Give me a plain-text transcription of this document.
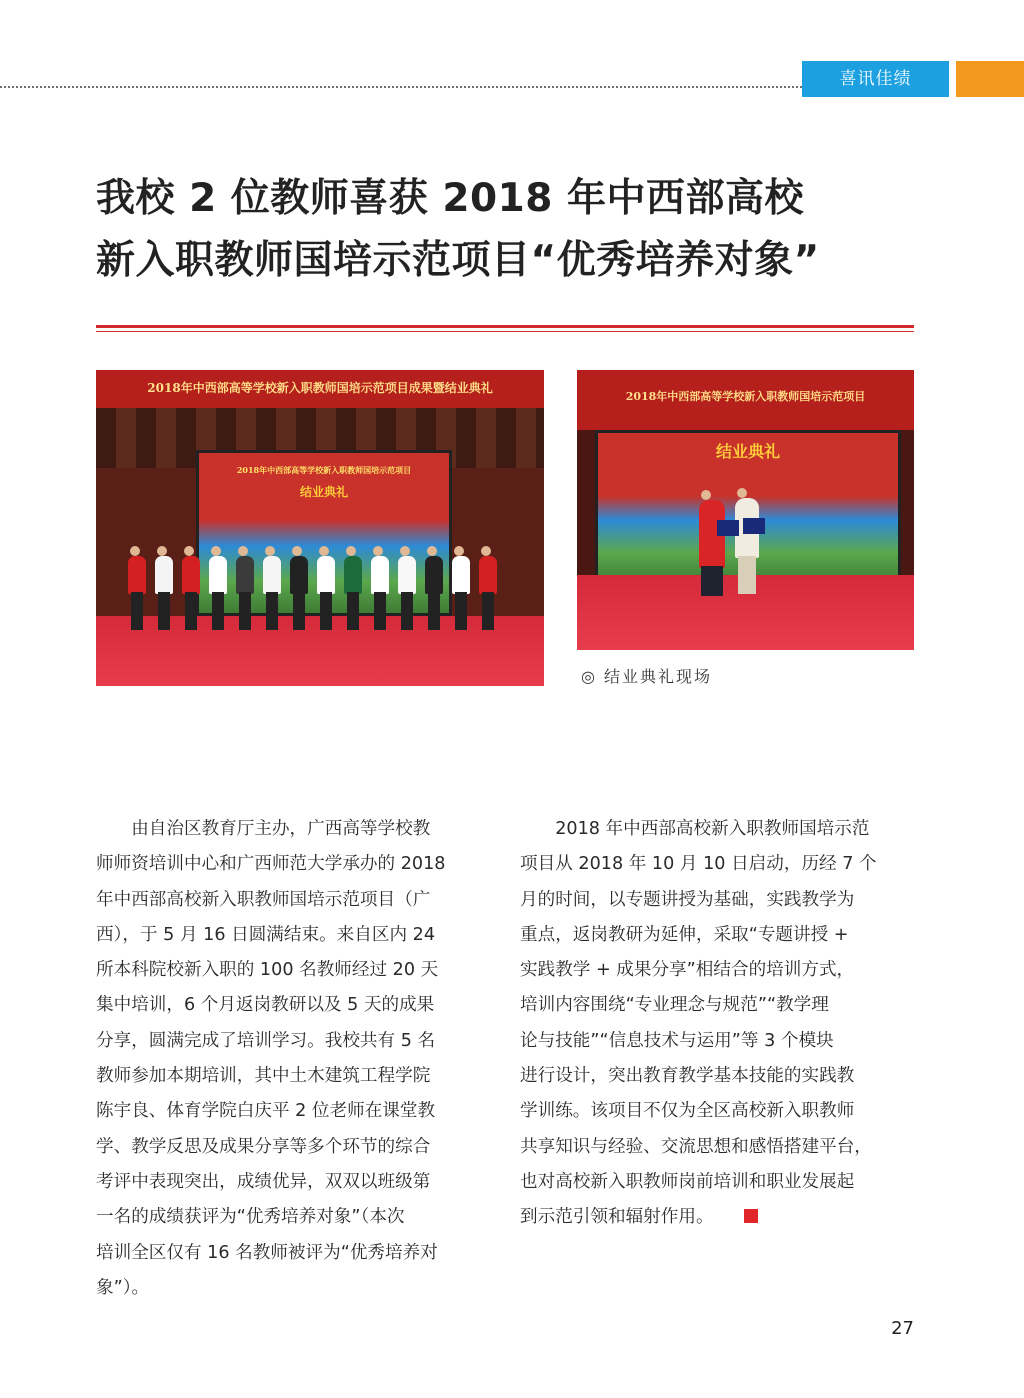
喜讯佳绩
我校 2 位教师喜获 2018 年中西部高校
新入职教师国培示范项目“优秀培养对象”
2018年中西部高等学校新入职教师国培示范项目成果暨结业典礼
2018年中西部高等学校新入职教师国培示范项目
结业典礼
2018年中西部高等学校新入职教师国培示范项目
结业典礼
◎ 结业典礼现场
　　由自治区教育厅主办，广西高等学校教
师师资培训中心和广西师范大学承办的 2018
年中西部高校新入职教师国培示范项目（广
西），于 5 月 16 日圆满结束。来自区内 24
所本科院校新入职的 100 名教师经过 20 天
集中培训，6 个月返岗教研以及 5 天的成果
分享，圆满完成了培训学习。我校共有 5 名
教师参加本期培训，其中土木建筑工程学院
陈宇良、体育学院白庆平 2 位老师在课堂教
学、教学反思及成果分享等多个环节的综合
考评中表现突出，成绩优异，双双以班级第
一名的成绩获评为“优秀培养对象”（本次
培训全区仅有 16 名教师被评为“优秀培养对
象”）。
　　2018 年中西部高校新入职教师国培示范
项目从 2018 年 10 月 10 日启动，历经 7 个
月的时间，以专题讲授为基础，实践教学为
重点，返岗教研为延伸，采取“专题讲授 +
实践教学 + 成果分享”相结合的培训方式，
培训内容围绕“专业理念与规范”“教学理
论与技能”“信息技术与运用”等 3 个模块
进行设计，突出教育教学基本技能的实践教
学训练。该项目不仅为全区高校新入职教师
共享知识与经验、交流思想和感悟搭建平台，
也对高校新入职教师岗前培训和职业发展起
到示范引领和辐射作用。
27
